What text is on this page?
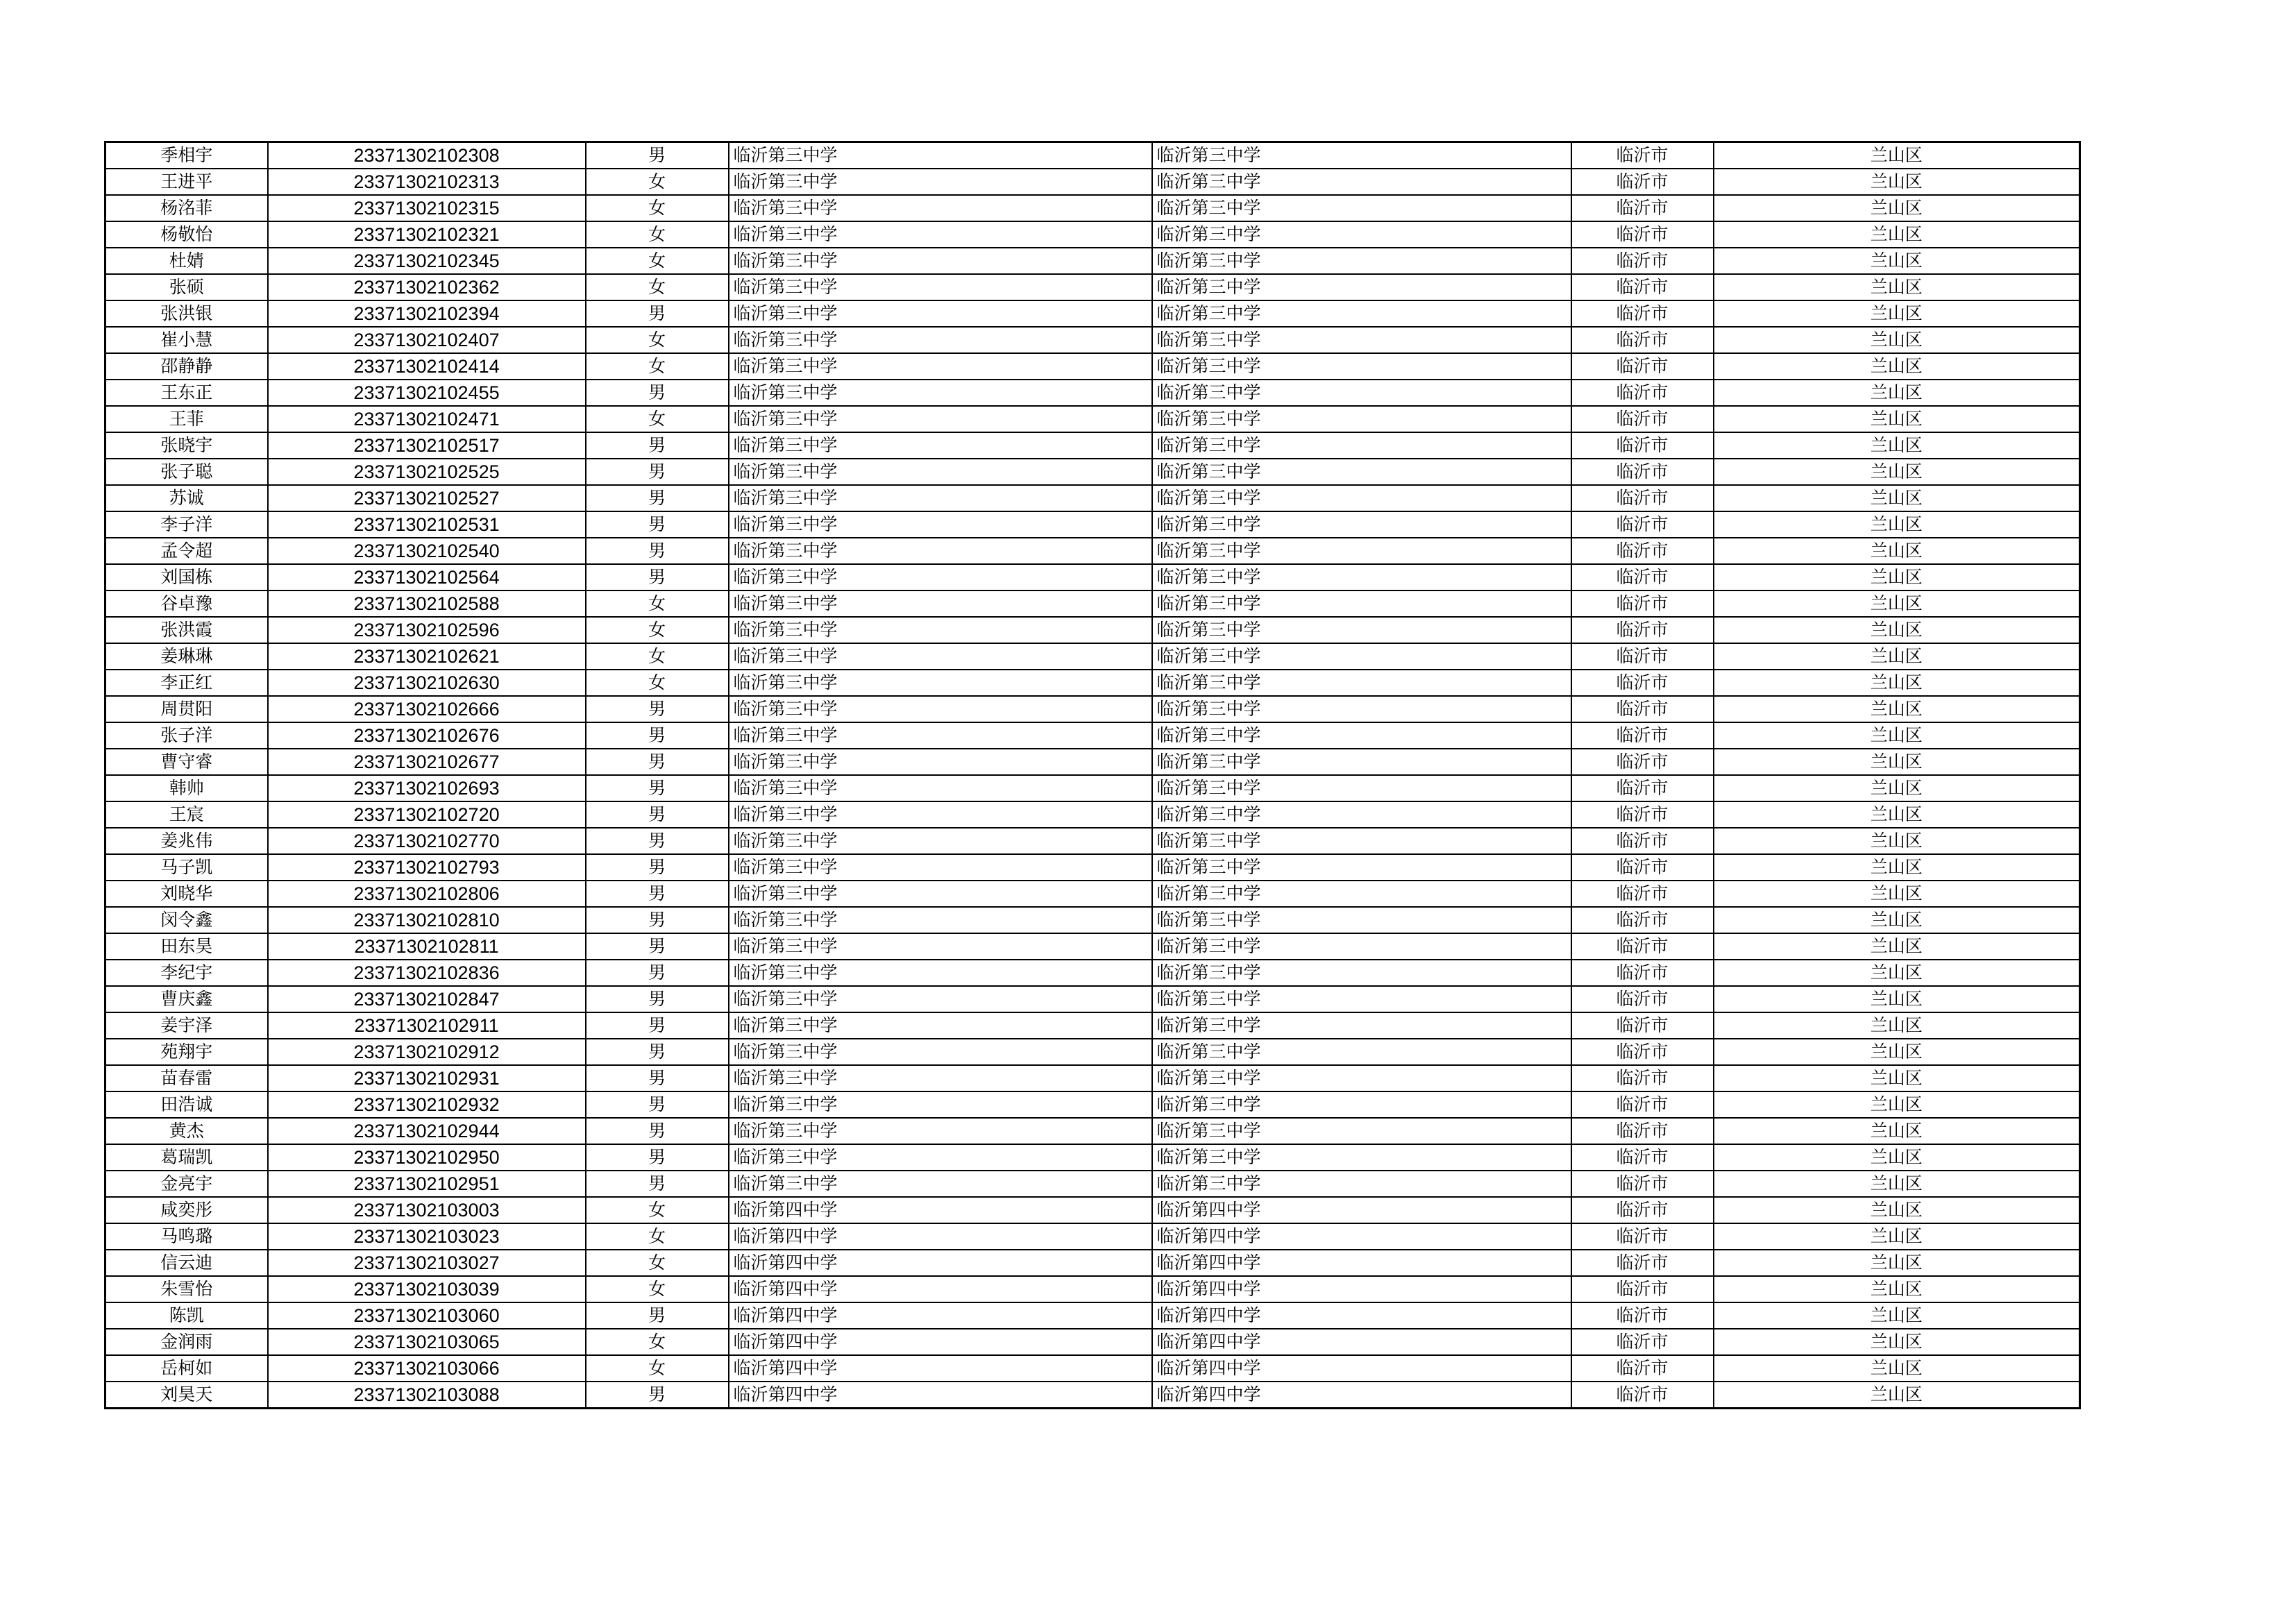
季相宇	23371302102308	男	临沂第三中学	临沂第三中学	临沂市	兰山区
王进平	23371302102313	女	临沂第三中学	临沂第三中学	临沂市	兰山区
杨洺菲	23371302102315	女	临沂第三中学	临沂第三中学	临沂市	兰山区
杨敬怡	23371302102321	女	临沂第三中学	临沂第三中学	临沂市	兰山区
杜婧	23371302102345	女	临沂第三中学	临沂第三中学	临沂市	兰山区
张硕	23371302102362	女	临沂第三中学	临沂第三中学	临沂市	兰山区
张洪银	23371302102394	男	临沂第三中学	临沂第三中学	临沂市	兰山区
崔小慧	23371302102407	女	临沂第三中学	临沂第三中学	临沂市	兰山区
邵静静	23371302102414	女	临沂第三中学	临沂第三中学	临沂市	兰山区
王东正	23371302102455	男	临沂第三中学	临沂第三中学	临沂市	兰山区
王菲	23371302102471	女	临沂第三中学	临沂第三中学	临沂市	兰山区
张晓宇	23371302102517	男	临沂第三中学	临沂第三中学	临沂市	兰山区
张子聪	23371302102525	男	临沂第三中学	临沂第三中学	临沂市	兰山区
苏诚	23371302102527	男	临沂第三中学	临沂第三中学	临沂市	兰山区
李子洋	23371302102531	男	临沂第三中学	临沂第三中学	临沂市	兰山区
孟令超	23371302102540	男	临沂第三中学	临沂第三中学	临沂市	兰山区
刘国栋	23371302102564	男	临沂第三中学	临沂第三中学	临沂市	兰山区
谷卓豫	23371302102588	女	临沂第三中学	临沂第三中学	临沂市	兰山区
张洪霞	23371302102596	女	临沂第三中学	临沂第三中学	临沂市	兰山区
姜琳琳	23371302102621	女	临沂第三中学	临沂第三中学	临沂市	兰山区
李正红	23371302102630	女	临沂第三中学	临沂第三中学	临沂市	兰山区
周贯阳	23371302102666	男	临沂第三中学	临沂第三中学	临沂市	兰山区
张子洋	23371302102676	男	临沂第三中学	临沂第三中学	临沂市	兰山区
曹守睿	23371302102677	男	临沂第三中学	临沂第三中学	临沂市	兰山区
韩帅	23371302102693	男	临沂第三中学	临沂第三中学	临沂市	兰山区
王宸	23371302102720	男	临沂第三中学	临沂第三中学	临沂市	兰山区
姜兆伟	23371302102770	男	临沂第三中学	临沂第三中学	临沂市	兰山区
马子凯	23371302102793	男	临沂第三中学	临沂第三中学	临沂市	兰山区
刘晓华	23371302102806	男	临沂第三中学	临沂第三中学	临沂市	兰山区
闵令鑫	23371302102810	男	临沂第三中学	临沂第三中学	临沂市	兰山区
田东昊	23371302102811	男	临沂第三中学	临沂第三中学	临沂市	兰山区
李纪宇	23371302102836	男	临沂第三中学	临沂第三中学	临沂市	兰山区
曹庆鑫	23371302102847	男	临沂第三中学	临沂第三中学	临沂市	兰山区
姜宇泽	23371302102911	男	临沂第三中学	临沂第三中学	临沂市	兰山区
苑翔宇	23371302102912	男	临沂第三中学	临沂第三中学	临沂市	兰山区
苗春雷	23371302102931	男	临沂第三中学	临沂第三中学	临沂市	兰山区
田浩诚	23371302102932	男	临沂第三中学	临沂第三中学	临沂市	兰山区
黄杰	23371302102944	男	临沂第三中学	临沂第三中学	临沂市	兰山区
葛瑞凯	23371302102950	男	临沂第三中学	临沂第三中学	临沂市	兰山区
金亮宇	23371302102951	男	临沂第三中学	临沂第三中学	临沂市	兰山区
咸奕彤	23371302103003	女	临沂第四中学	临沂第四中学	临沂市	兰山区
马鸣璐	23371302103023	女	临沂第四中学	临沂第四中学	临沂市	兰山区
信云迪	23371302103027	女	临沂第四中学	临沂第四中学	临沂市	兰山区
朱雪怡	23371302103039	女	临沂第四中学	临沂第四中学	临沂市	兰山区
陈凯	23371302103060	男	临沂第四中学	临沂第四中学	临沂市	兰山区
金润雨	23371302103065	女	临沂第四中学	临沂第四中学	临沂市	兰山区
岳柯如	23371302103066	女	临沂第四中学	临沂第四中学	临沂市	兰山区
刘昊天	23371302103088	男	临沂第四中学	临沂第四中学	临沂市	兰山区
